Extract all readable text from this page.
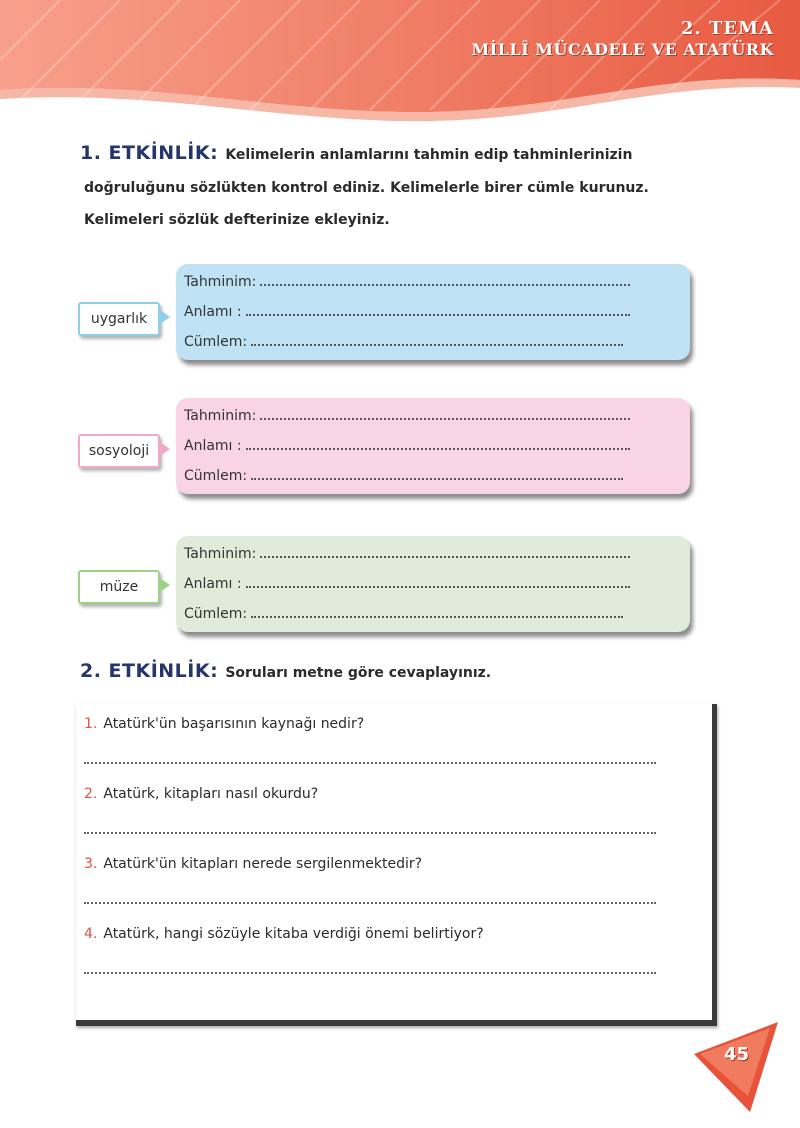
2. TEMA
MİLLÎ MÜCADELE VE ATATÜRK
1. ETKİNLİK: Kelimelerin anlamlarını tahmin edip tahminlerinizin
doğruluğunu sözlükten kontrol ediniz. Kelimelerle birer cümle kurunuz.
Kelimeleri sözlük defterinize ekleyiniz.
uygarlık
Tahminim:
Anlamı :
Cümlem:
sosyoloji
Tahminim:
Anlamı :
Cümlem:
müze
Tahminim:
Anlamı :
Cümlem:
2. ETKİNLİK: Soruları metne göre cevaplayınız.
1. Atatürk'ün başarısının kaynağı nedir?
2. Atatürk, kitapları nasıl okurdu?
3. Atatürk'ün kitapları nerede sergilenmektedir?
4. Atatürk, hangi sözüyle kitaba verdiği önemi belirtiyor?
45
